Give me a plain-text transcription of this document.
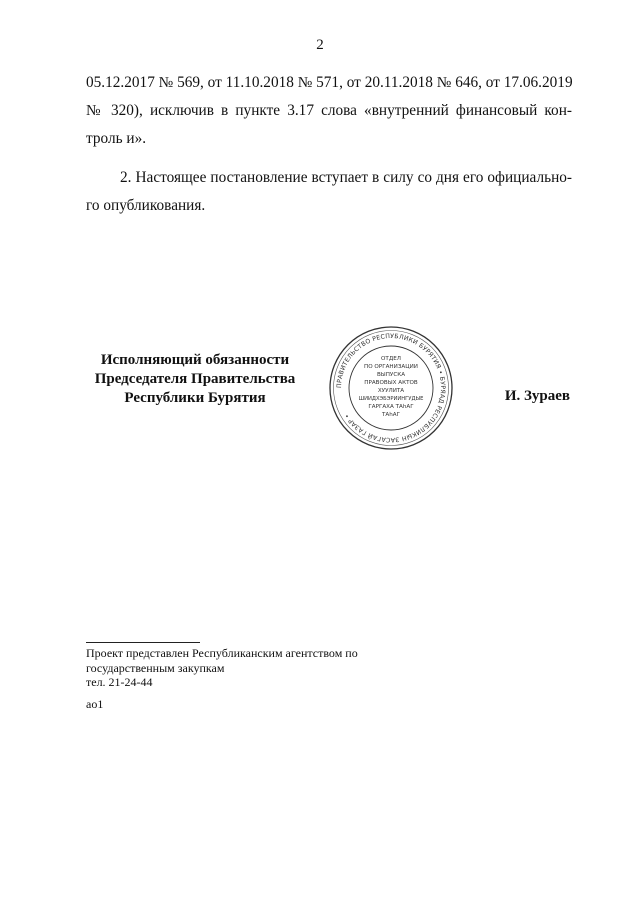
2
05.12.2017 № 569, от 11.10.2018 № 571, от 20.11.2018 № 646, от 17.06.2019
№ 320), исключив в пункте 3.17 слова «внутренний финансовый кон-
троль и».
2. Настоящее постановление вступает в силу со дня его официально-
го опубликования.
Исполняющий обязанности
Председателя Правительства
Республики Бурятия
ПРАВИТЕЛЬСТВО РЕСПУБЛИКИ БУРЯТИЯ • БУРЯАД РЕСПУБЛИКЫН ЗАСАГАЙ ГАЗАР •
ОТДЕЛ
ПО ОРГАНИЗАЦИИ
ВЫПУСКА
ПРАВОВЫХ АКТОВ
ХУУЛИТА
ШИИДХЭБЭРИИНГУДЫЕ
ГАРГАХА ТАһАГ
ТАһАГ
И. Зураев
Проект представлен Республиканским агентством по
государственным закупкам
тел. 21-24-44
ao1
